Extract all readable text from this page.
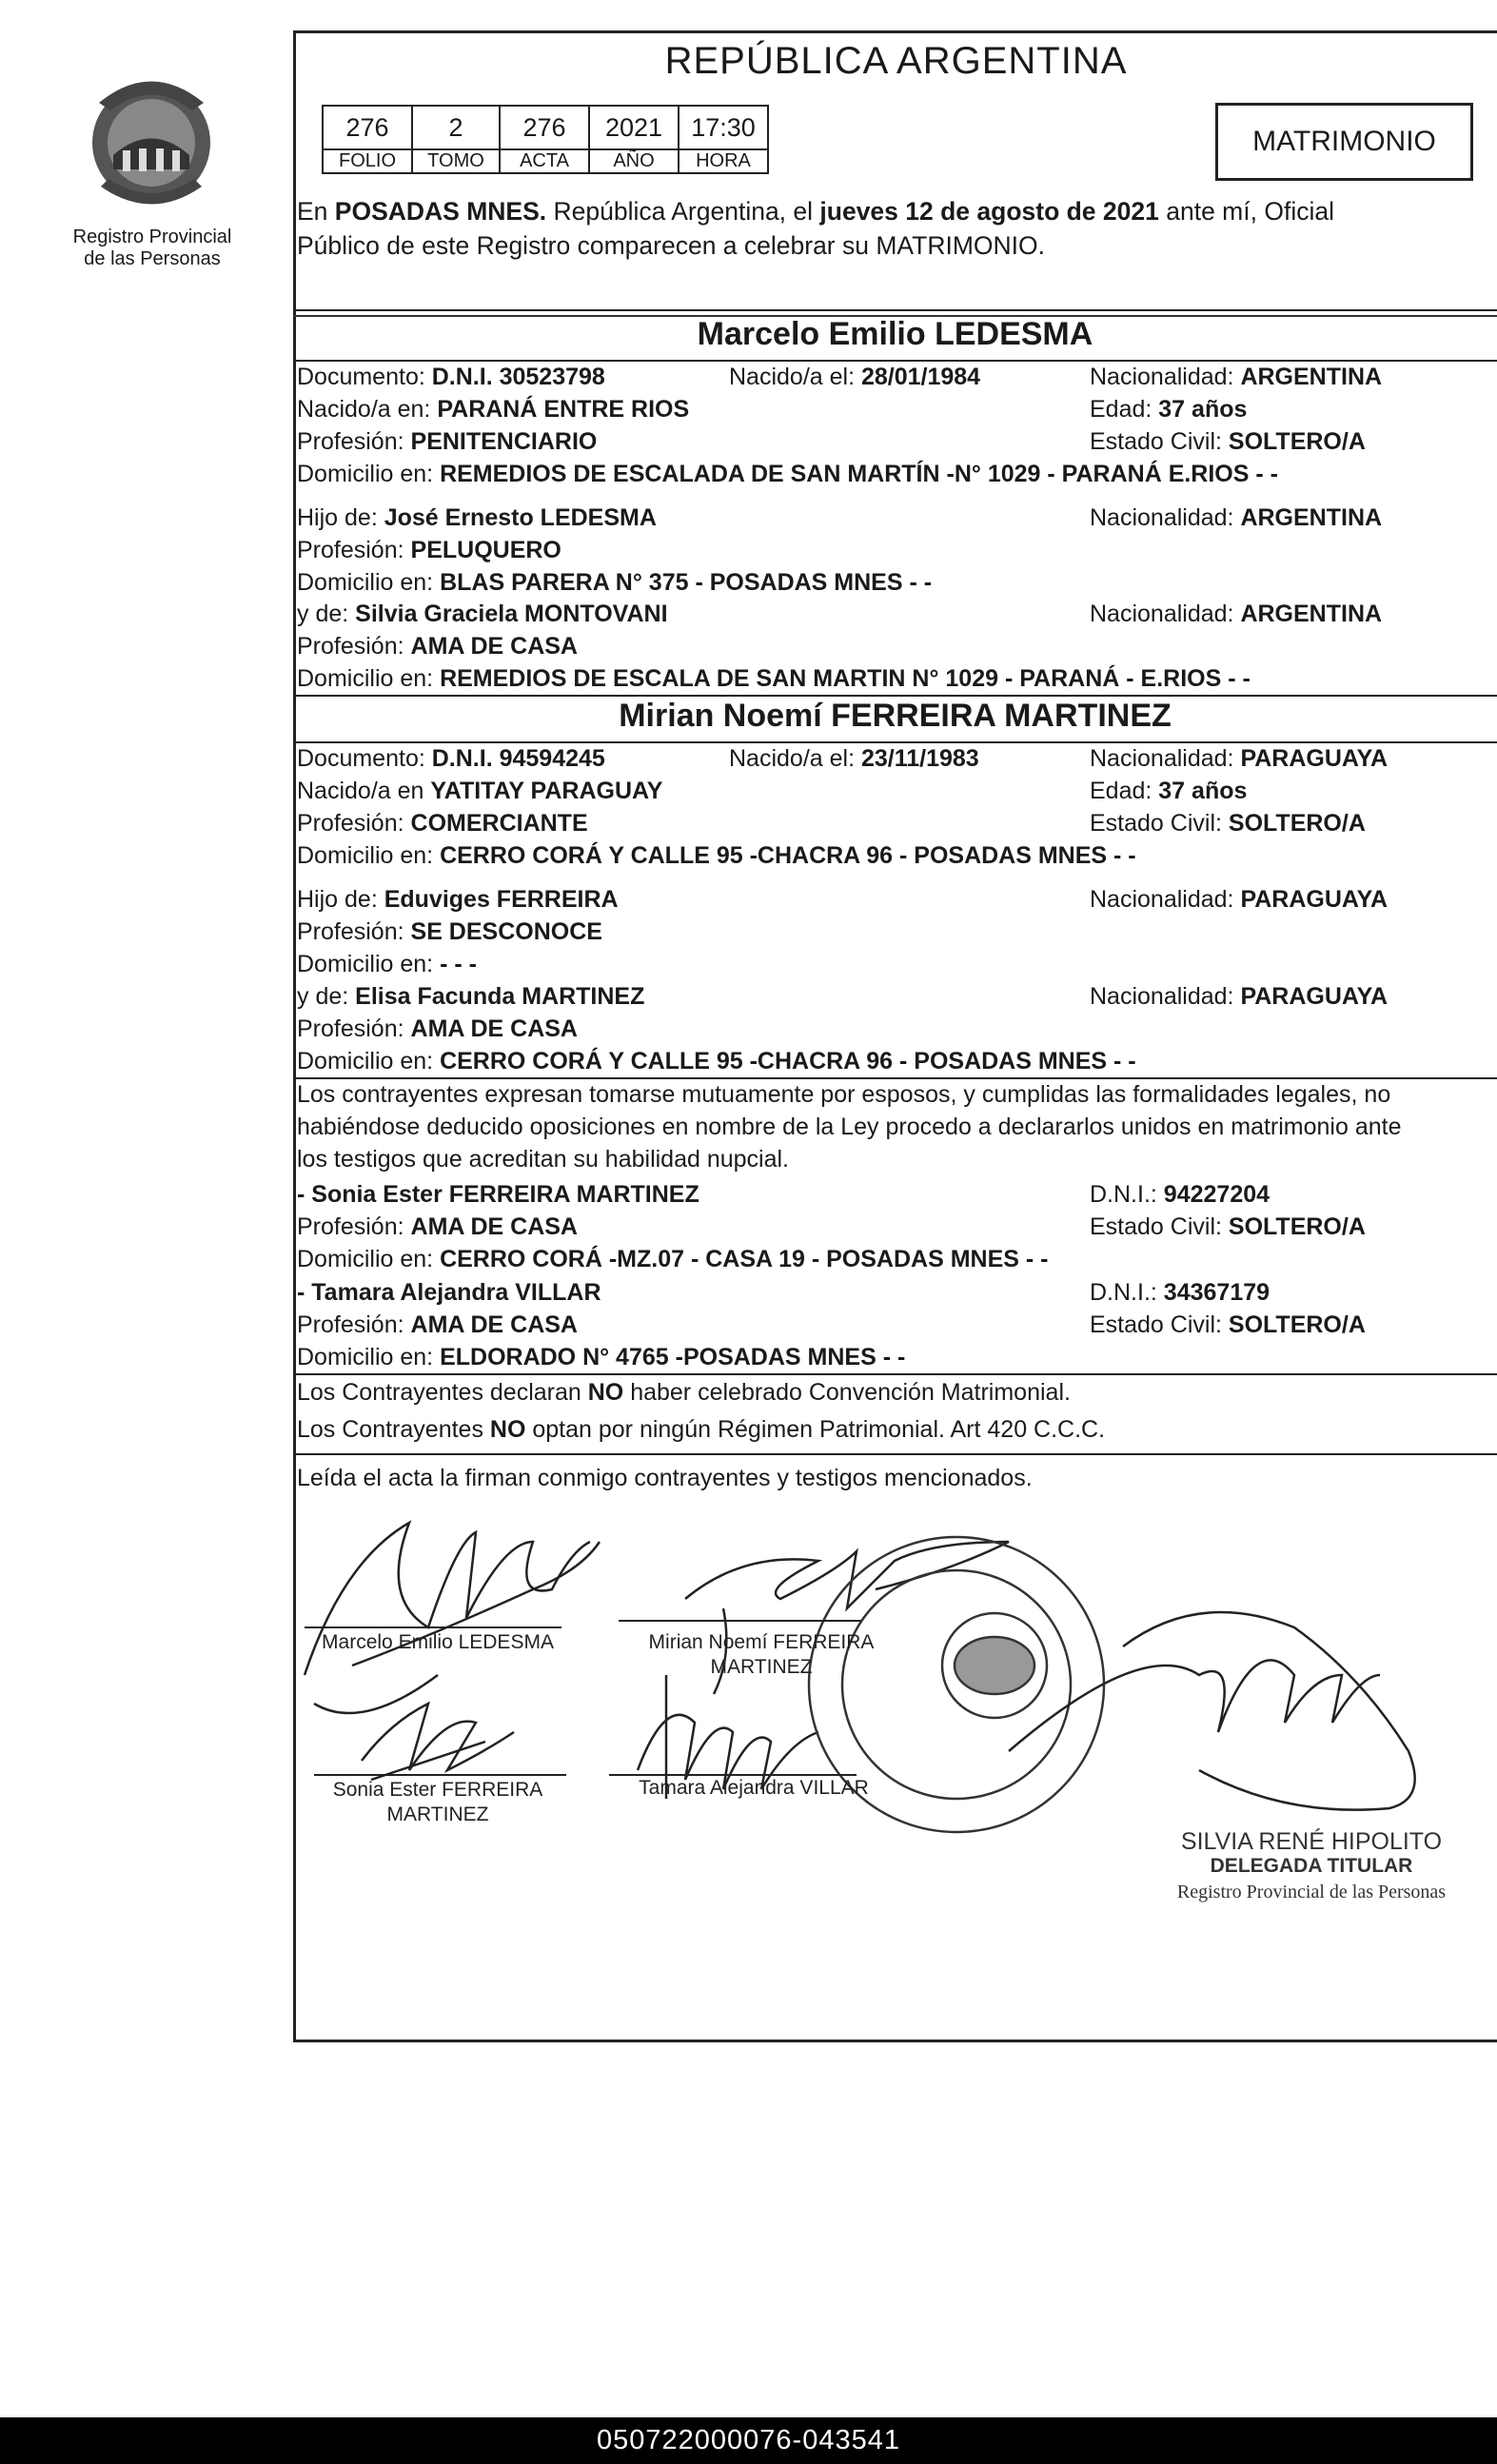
Registro Provincial
de las Personas
REPÚBLICA ARGENTINA
276	2	276	2021	17:30
FOLIO	TOMO	ACTA	AÑO	HORA
MATRIMONIO
En POSADAS MNES. República Argentina, el jueves 12 de agosto de 2021 ante mí, Oficial
Público de este Registro comparecen a celebrar su MATRIMONIO.
Marcelo Emilio LEDESMA
Documento: D.N.I. 30523798	Nacido/a el: 28/01/1984	Nacionalidad: ARGENTINA
Nacido/a en: PARANÁ ENTRE RIOS	Edad: 37 años
Profesión: PENITENCIARIO	Estado Civil: SOLTERO/A
Domicilio en: REMEDIOS DE ESCALADA DE SAN MARTÍN -N° 1029 - PARANÁ E.RIOS - -
Hijo de: José Ernesto LEDESMA	Nacionalidad: ARGENTINA
Profesión: PELUQUERO
Domicilio en: BLAS PARERA N° 375 - POSADAS MNES - -
y de: Silvia Graciela MONTOVANI	Nacionalidad: ARGENTINA
Profesión: AMA DE CASA
Domicilio en: REMEDIOS DE ESCALA DE SAN MARTIN N° 1029 - PARANÁ - E.RIOS - -
Mirian Noemí FERREIRA MARTINEZ
Documento: D.N.I. 94594245	Nacido/a el: 23/11/1983	Nacionalidad: PARAGUAYA
Nacido/a en YATITAY PARAGUAY	Edad: 37 años
Profesión: COMERCIANTE	Estado Civil: SOLTERO/A
Domicilio en: CERRO CORÁ Y CALLE 95 -CHACRA 96 - POSADAS MNES - -
Hijo de: Eduviges FERREIRA	Nacionalidad: PARAGUAYA
Profesión: SE DESCONOCE
Domicilio en: - - -
y de: Elisa Facunda MARTINEZ	Nacionalidad: PARAGUAYA
Profesión: AMA DE CASA
Domicilio en: CERRO CORÁ Y CALLE 95 -CHACRA 96 - POSADAS MNES - -
Los contrayentes expresan tomarse mutuamente por esposos, y cumplidas las formalidades legales, no
habiéndose deducido oposiciones en nombre de la Ley procedo a declararlos unidos en matrimonio ante
los testigos que acreditan su habilidad nupcial.
- Sonia Ester FERREIRA MARTINEZ	D.N.I.: 94227204
Profesión: AMA DE CASA	Estado Civil: SOLTERO/A
Domicilio en: CERRO CORÁ -MZ.07 - CASA 19 - POSADAS MNES - -
- Tamara Alejandra VILLAR	D.N.I.: 34367179
Profesión: AMA DE CASA	Estado Civil: SOLTERO/A
Domicilio en: ELDORADO N° 4765 -POSADAS MNES - -
Los Contrayentes declaran NO haber celebrado Convención Matrimonial.
Los Contrayentes NO optan por ningún Régimen Patrimonial. Art 420 C.C.C.
Leída el acta la firman conmigo contrayentes y testigos mencionados.
Marcelo Emilio LEDESMA	Mirian Noemí FERREIRA
MARTINEZ
Sonia Ester FERREIRA
MARTINEZ
Tamara Alejandra VILLAR
SILVIA RENÉ HIPOLITO
DELEGADA TITULAR
Registro Provincial de las Personas
050722000076-043541
